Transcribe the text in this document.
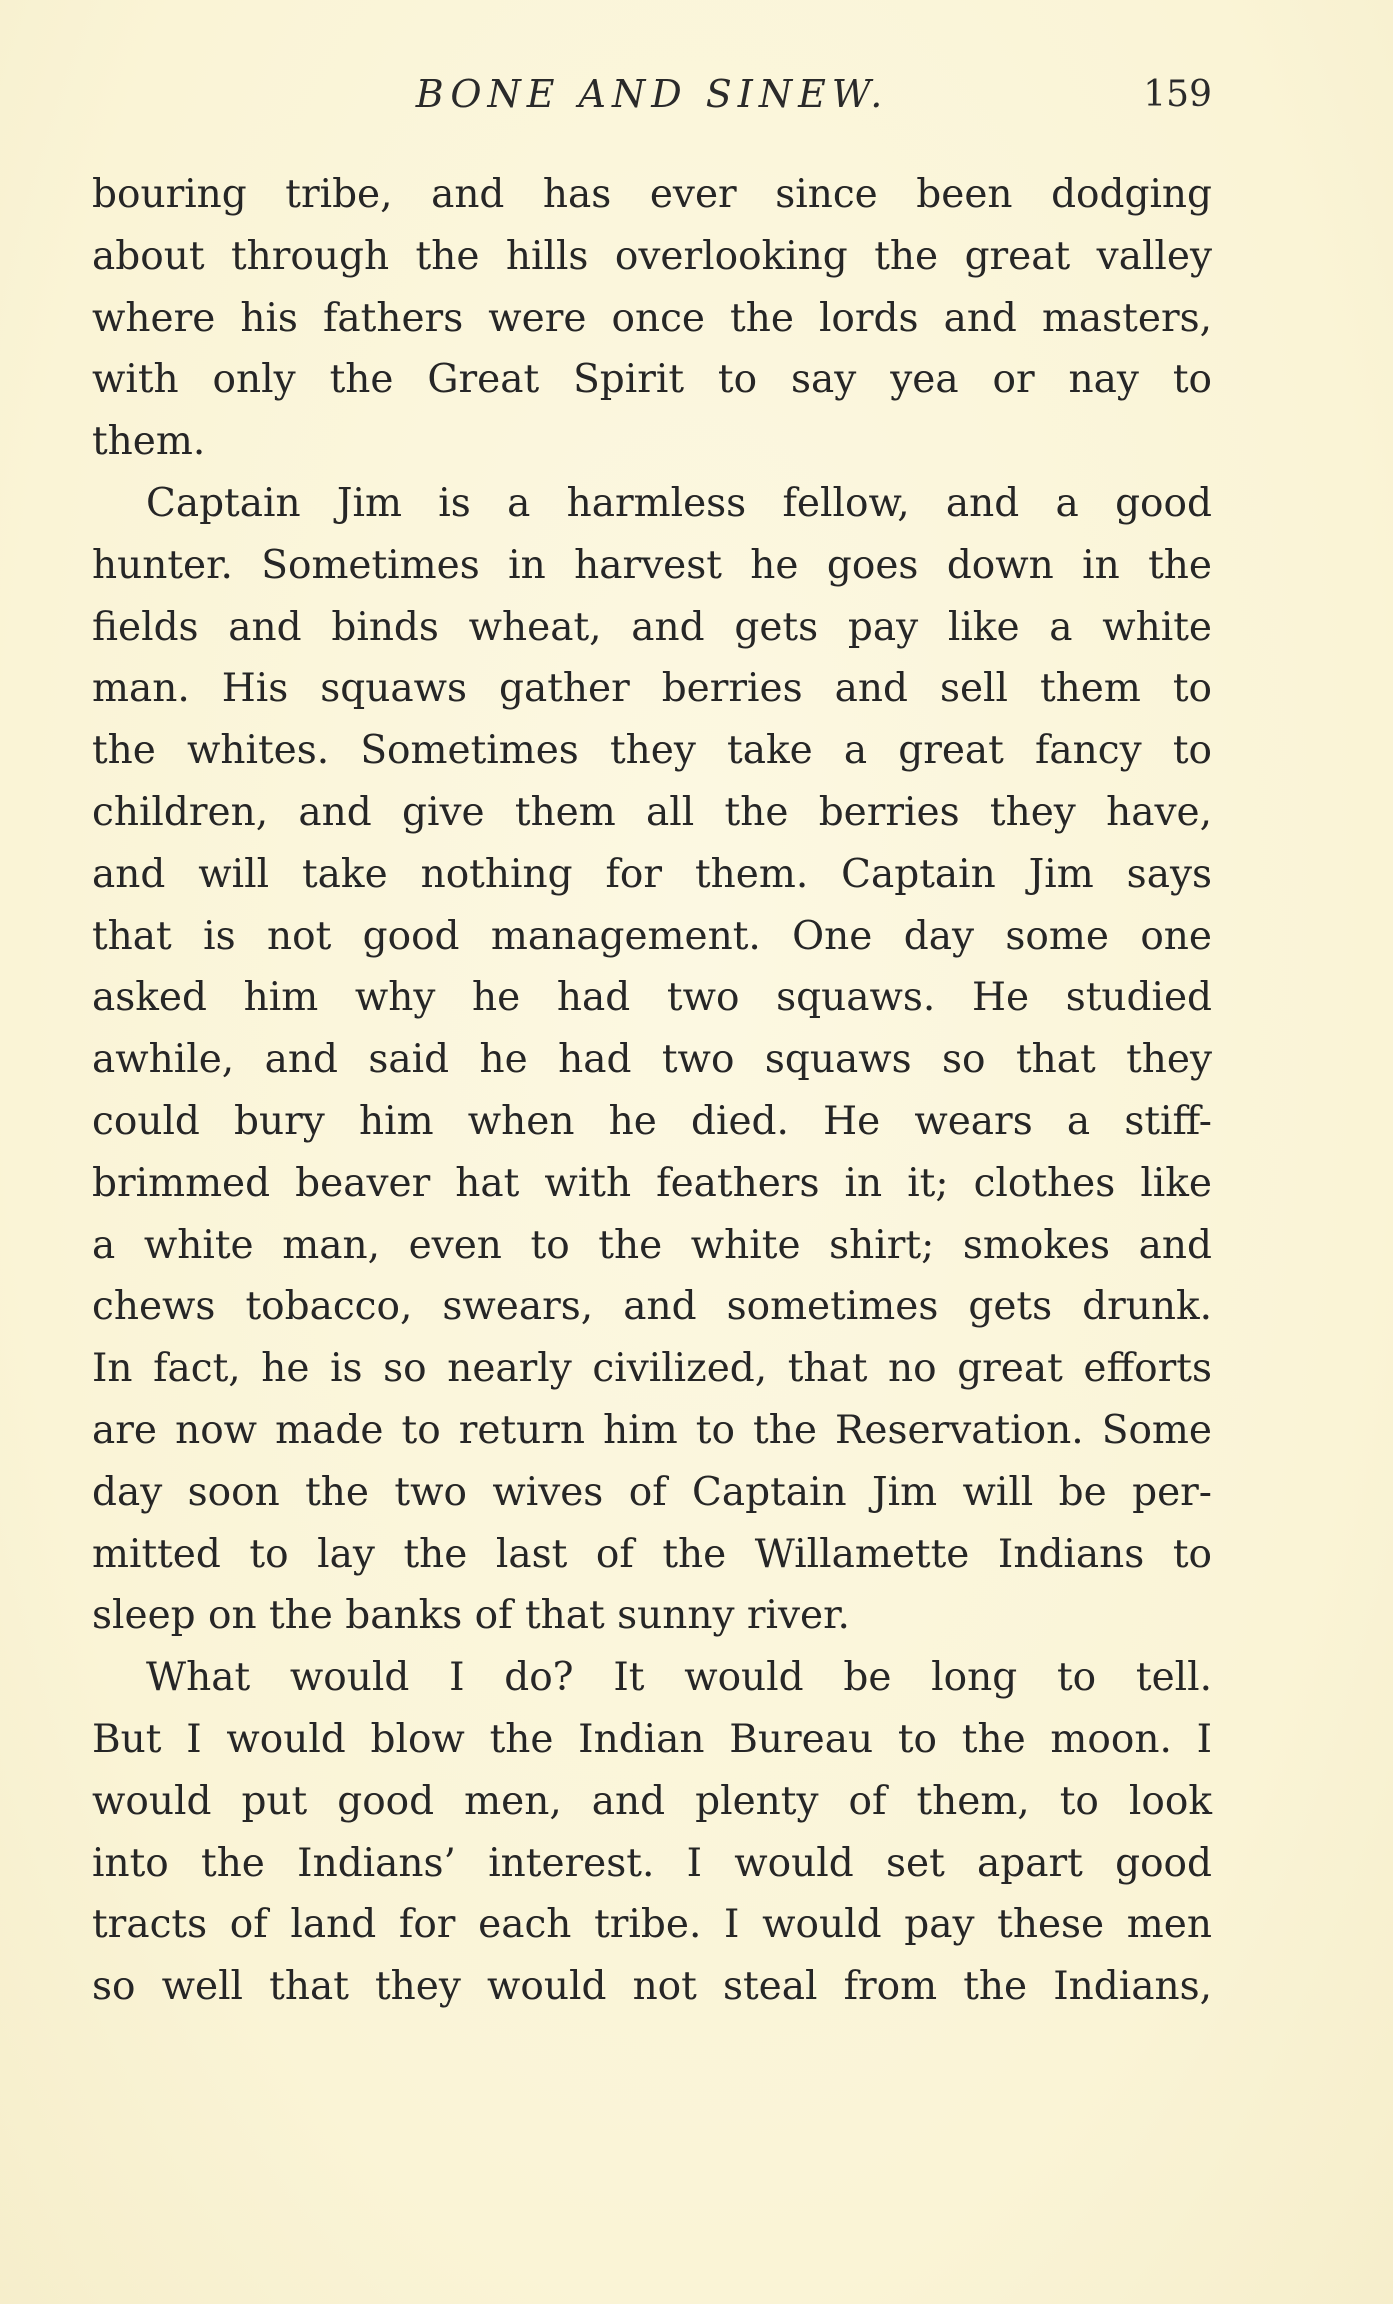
BONE AND SINEW.	159
bouring tribe, and has ever since been dodging
about through the hills overlooking the great valley
where his fathers were once the lords and masters,
with only the Great Spirit to say yea or nay to
them.
Captain Jim is a harmless fellow, and a good
hunter. Sometimes in harvest he goes down in the
fields and binds wheat, and gets pay like a white
man. His squaws gather berries and sell them to
the whites. Sometimes they take a great fancy to
children, and give them all the berries they have,
and will take nothing for them. Captain Jim says
that is not good management. One day some one
asked him why he had two squaws. He studied
awhile, and said he had two squaws so that they
could bury him when he died. He wears a stiff-
brimmed beaver hat with feathers in it; clothes like
a white man, even to the white shirt; smokes and
chews tobacco, swears, and sometimes gets drunk.
In fact, he is so nearly civilized, that no great efforts
are now made to return him to the Reservation. Some
day soon the two wives of Captain Jim will be per-
mitted to lay the last of the Willamette Indians to
sleep on the banks of that sunny river.
What would I do? It would be long to tell.
But I would blow the Indian Bureau to the moon. I
would put good men, and plenty of them, to look
into the Indians’ interest. I would set apart good
tracts of land for each tribe. I would pay these men
so well that they would not steal from the Indians,
